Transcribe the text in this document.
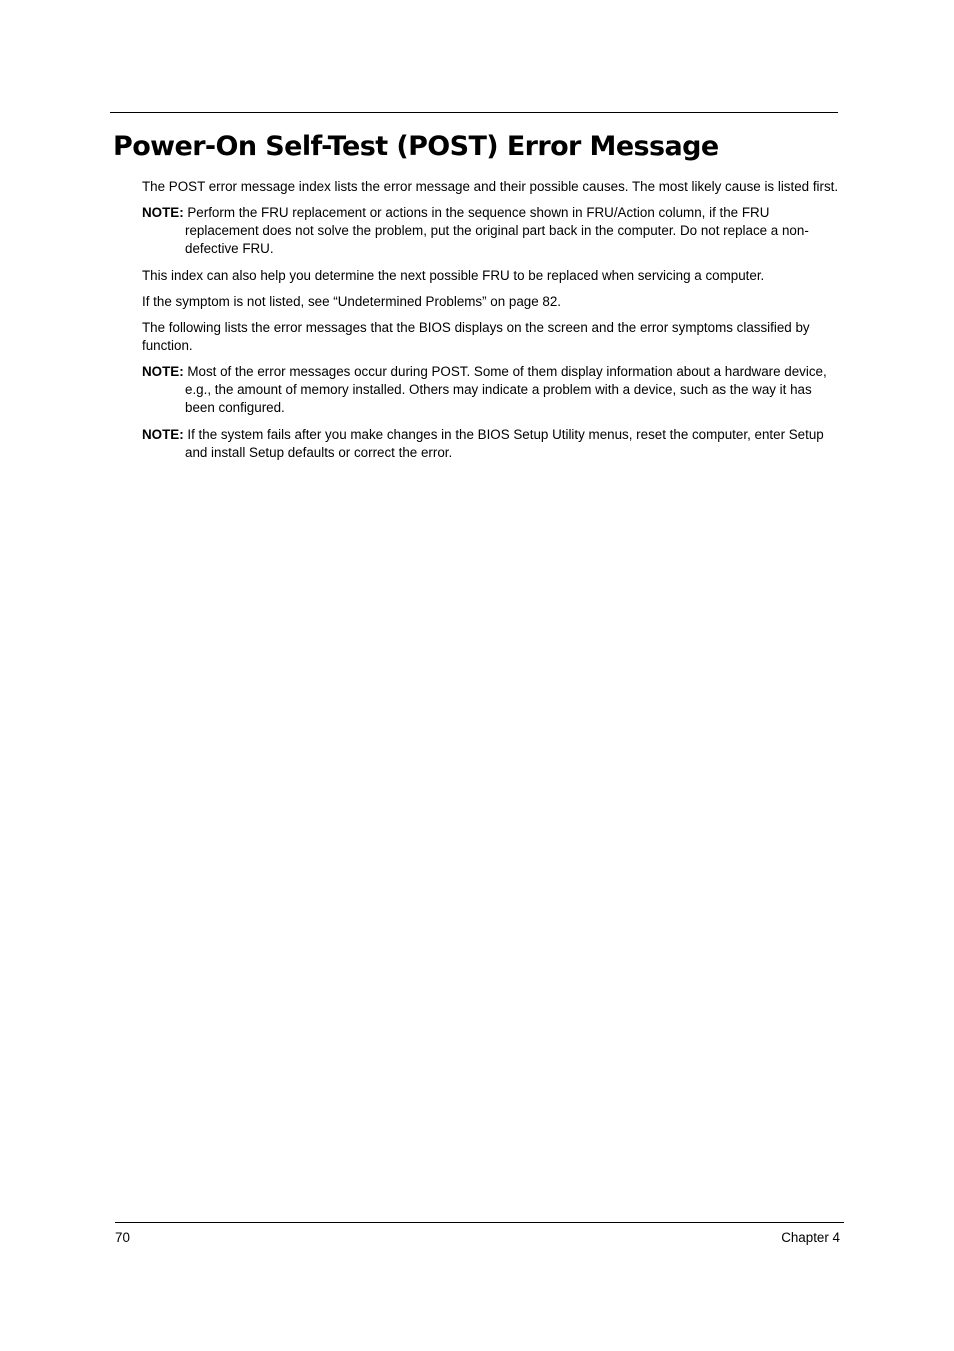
Power-On Self-Test (POST) Error Message

The POST error message index lists the error message and their possible causes. The most likely cause is listed first.

NOTE: Perform the FRU replacement or actions in the sequence shown in FRU/Action column, if the FRU replacement does not solve the problem, put the original part back in the computer. Do not replace a non-defective FRU.

This index can also help you determine the next possible FRU to be replaced when servicing a computer.

If the symptom is not listed, see “Undetermined Problems” on page 82.

The following lists the error messages that the BIOS displays on the screen and the error symptoms classified by function.

NOTE: Most of the error messages occur during POST. Some of them display information about a hardware device, e.g., the amount of memory installed. Others may indicate a problem with a device, such as the way it has been configured.

NOTE: If the system fails after you make changes in the BIOS Setup Utility menus, reset the computer, enter Setup and install Setup defaults or correct the error.

70	Chapter 4
